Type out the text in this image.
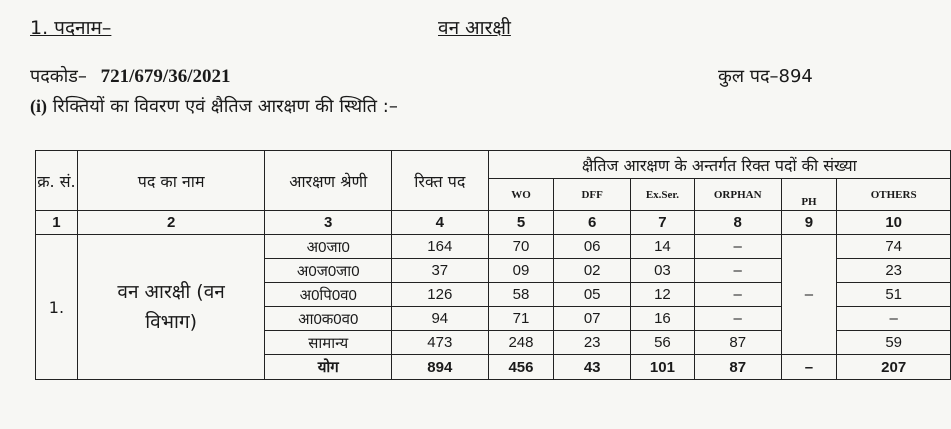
1. पदनाम–	वन आरक्षी
पदकोड– 721/679/36/2021	कुल पद–894
(i) रिक्तियों का विवरण एवं क्षैतिज आरक्षण की स्थिति :–
क्र. सं.	पद का नाम	आरक्षण श्रेणी	रिक्त पद	क्षैतिज आरक्षण के अन्तर्गत रिक्त पदों की संख्या					
				WO	DFF	Ex.Ser.	ORPHAN	PH	OTHERS
1	2	3	4	5	6	7	8	9	10
1.	वन आरक्षी (वन विभाग)	अ0जा0	164	70	06	14	–	–	74
		अ0ज0जा0	37	09	02	03	–		23
		अ0पि0व0	126	58	05	12	–		51
		आ0क0व0	94	71	07	16	–		–
		सामान्य	473	248	23	56	87		59
		योग	894	456	43	101	87	–	207
